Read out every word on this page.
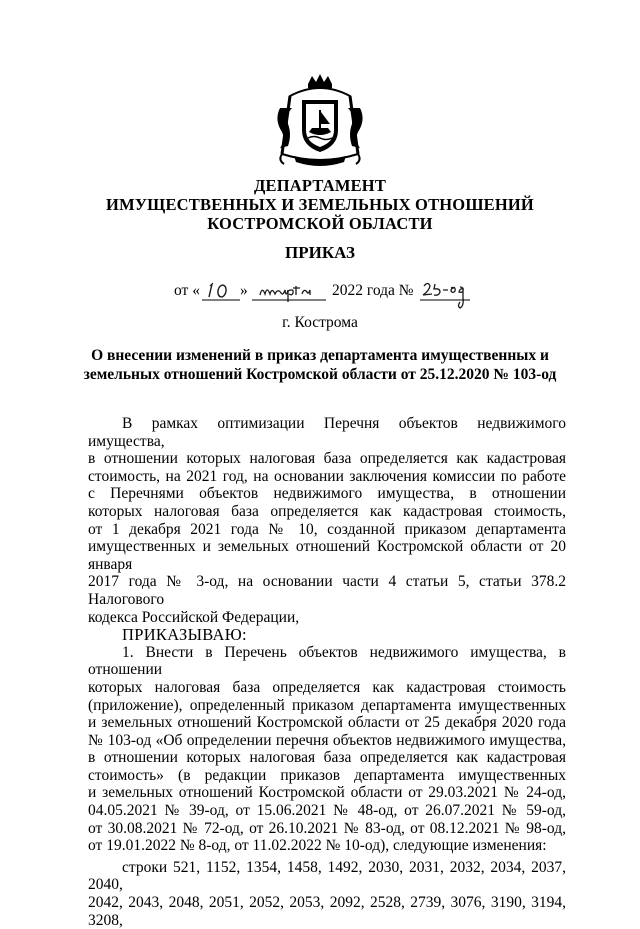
ДЕПАРТАМЕНТ
ИМУЩЕСТВЕННЫХ И ЗЕМЕЛЬНЫХ ОТНОШЕНИЙ
КОСТРОМСКОЙ ОБЛАСТИ
ПРИКАЗ
от «	»	2022 года №
г. Кострома
О внесении изменений в приказ департамента имущественных и
земельных отношений Костромской области от 25.12.2020 № 103-од

В рамках оптимизации Перечня объектов недвижимого имущества,

в отношении которых налоговая база определяется как кадастровая

стоимость, на 2021 год, на основании заключения комиссии по работе

с Перечнями объектов недвижимого имущества, в отношении

которых налоговая база определяется как кадастровая стоимость,

от 1 декабря 2021 года № 10, созданной приказом департамента

имущественных и земельных отношений Костромской области от 20 января

2017 года № 3-од, на основании части 4 статьи 5, статьи 378.2 Налогового

кодекса Российской Федерации,

ПРИКАЗЫВАЮ:

1. Внести в Перечень объектов недвижимого имущества, в отношении

которых налоговая база определяется как кадастровая стоимость

(приложение), определенный приказом департамента имущественных

и земельных отношений Костромской области от 25 декабря 2020 года

№ 103-од «Об определении перечня объектов недвижимого имущества,

в отношении которых налоговая база определяется как кадастровая

стоимость» (в редакции приказов департамента имущественных

и земельных отношений Костромской области от 29.03.2021 № 24-од,

04.05.2021 № 39-од, от 15.06.2021 № 48-од, от 26.07.2021 № 59-од,

от 30.08.2021 № 72-од, от 26.10.2021 № 83-од, от 08.12.2021 № 98-од,

от 19.01.2022 № 8-од, от 11.02.2022 № 10-од), следующие изменения:

строки 521, 1152, 1354, 1458, 1492, 2030, 2031, 2032, 2034, 2037, 2040,

2042, 2043, 2048, 2051, 2052, 2053, 2092, 2528, 2739, 3076, 3190, 3194, 3208,
